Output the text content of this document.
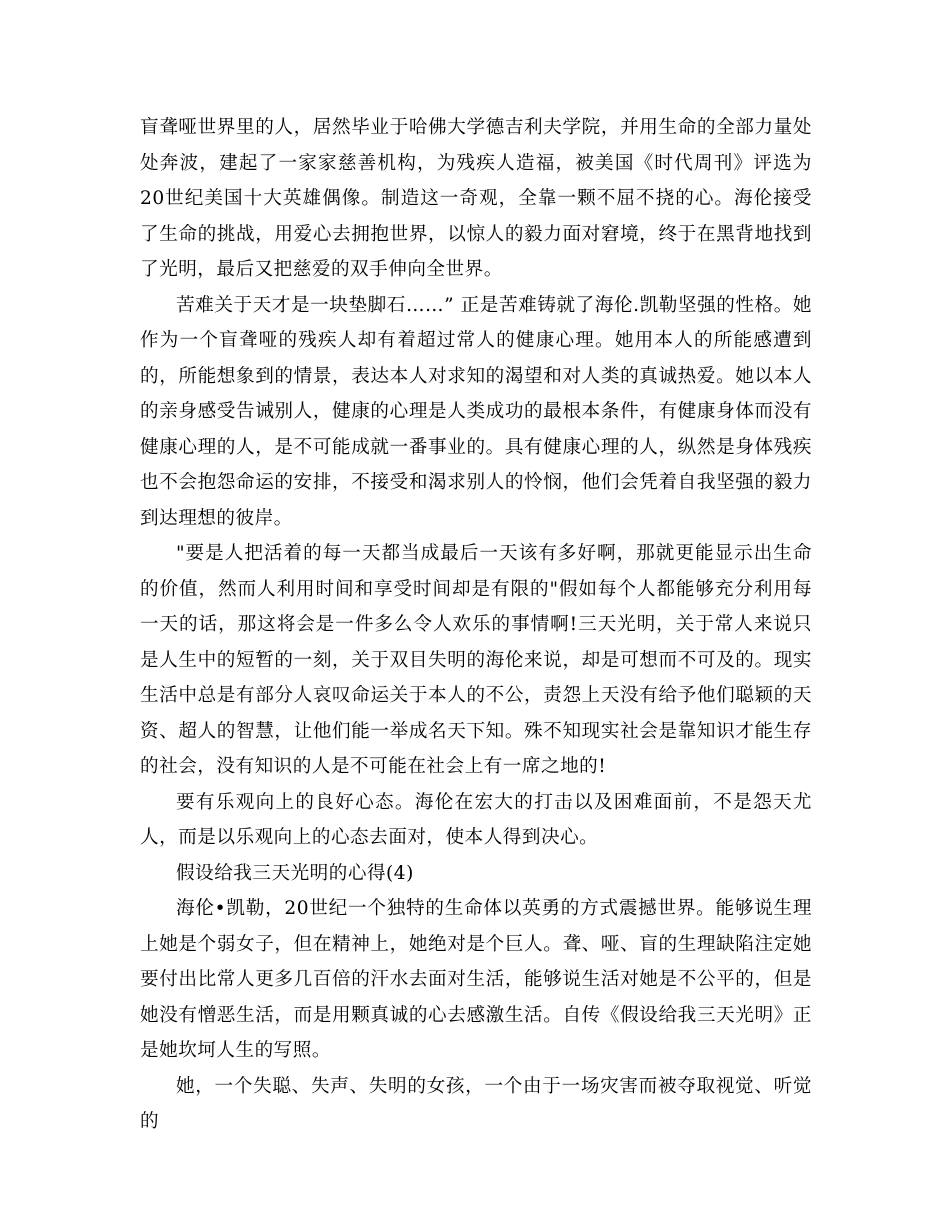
盲聋哑世界里的人，居然毕业于哈佛大学德吉利夫学院，并用生命的全部力量处处奔波，建起了一家家慈善机构，为残疾人造福，被美国《时代周刊》评选为20世纪美国十大英雄偶像。制造这一奇观，全靠一颗不屈不挠的心。海伦接受了生命的挑战，用爱心去拥抱世界，以惊人的毅力面对窘境，终于在黑背地找到了光明，最后又把慈爱的双手伸向全世界。

苦难关于天才是一块垫脚石……” 正是苦难铸就了海伦.凯勒坚强的性格。她作为一个盲聋哑的残疾人却有着超过常人的健康心理。她用本人的所能感遭到的，所能想象到的情景，表达本人对求知的渴望和对人类的真诚热爱。她以本人的亲身感受告诫别人，健康的心理是人类成功的最根本条件，有健康身体而没有健康心理的人，是不可能成就一番事业的。具有健康心理的人，纵然是身体残疾也不会抱怨命运的安排，不接受和渴求别人的怜悯，他们会凭着自我坚强的毅力到达理想的彼岸。

"要是人把活着的每一天都当成最后一天该有多好啊，那就更能显示出生命的价值，然而人利用时间和享受时间却是有限的"假如每个人都能够充分利用每一天的话，那这将会是一件多么令人欢乐的事情啊!三天光明，关于常人来说只是人生中的短暂的一刻，关于双目失明的海伦来说，却是可想而不可及的。现实生活中总是有部分人哀叹命运关于本人的不公，责怨上天没有给予他们聪颖的天资、超人的智慧，让他们能一举成名天下知。殊不知现实社会是靠知识才能生存的社会，没有知识的人是不可能在社会上有一席之地的!

要有乐观向上的良好心态。海伦在宏大的打击以及困难面前，不是怨天尤人，而是以乐观向上的心态去面对，使本人得到决心。

假设给我三天光明的心得(4)

海伦•凯勒，20世纪一个独特的生命体以英勇的方式震撼世界。能够说生理上她是个弱女子，但在精神上，她绝对是个巨人。聋、哑、盲的生理缺陷注定她要付出比常人更多几百倍的汗水去面对生活，能够说生活对她是不公平的，但是她没有憎恶生活，而是用颗真诚的心去感激生活。自传《假设给我三天光明》正是她坎坷人生的写照。

她，一个失聪、失声、失明的女孩，一个由于一场灾害而被夺取视觉、听觉的
